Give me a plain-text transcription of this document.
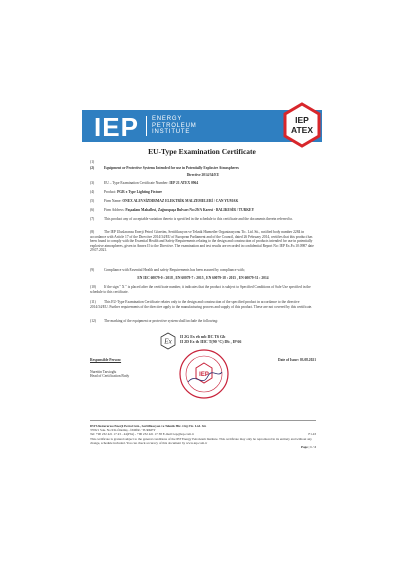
IEP ENERGY
PETROLEUM
INSTITUTE
IEP
ATEX
EU-Type Examination Certificate
(1)
(2)	Equipment or Protective Systems Intended for use in Potentially Explosive Atmospheres
Directive 2014/34/EU
(3)	EU – Type Examination Certificate Number: IEP 21 ATEX 0964
(4)	Product: PGR x Type Lighting Fixture
(5)	Firm Name: ONEX ALEVSİZDIRMAZ ELEKTRİK MALZEMELERİ / CAN YUMAK
(6)	Firm Address: Paşaalanı Mahallesi, Zağnospaşa Bulvarı No:29/A Karesi - BALIKESİR / TURKEY
(7)	This product any of acceptable variation thereto is specified in the schedule to this certificate and the documents therein referred to.
(8)	The IEP Uluslararası Enerji Petrol Gözetim, Sertifikasyon ve Teknik Hizmetler Organizasyonu Tic. Ltd. Sti., notified body number 2284 in accordance with Article 17 of the Directive 2014/34/EU of European Parliament and of the Council, dated 26 February 2014, certifies that this product has been found to comply with the Essential Health and Safety Requirements relating to the design and construction of products intended for use in potentially explosive atmospheres, given in Annex II to the Directive. The examination and test results are recorded in confidential Report No: IEP Ex.Fo.10.0987 date 29.07.2021.
(9)	Compliance with Essential Health and safety Requirements has been assured by compliance with;
EN IEC 60079-0 : 2018 , EN 60079-7 : 2015 , EN 60079-18 : 2015 , EN 60079-31 : 2014
(10) If the sign " X " is placed after the certificate number, it indicates that the product is subject to Specified Conditions of Safe Use specified in the schedule to this certificate.
(11) This EU-Type Examination Certificate relates only to the design and construction of the specified product in accordance to the directive 2014/34/EU. Further requirements of the directive apply to the manufacturing process and supply of this product. These are not covered by this certificate.
(12) The marking of the equipment or protective system shall include the following:
Ex
II 2G Ex eb mb IIC T6 Gb
II 2D Ex tb IIIC T(90 °C) Db , IP 66
Responsible Person:
Nurettin Tarsioglu
Head of Certification Body
Date of Issue: 03.08.2021
IEP
IEP Uluslararası Enerji Petrol Göz., Sertifikasyon ve Teknik Hiz. Org.Tic. Ltd. Sti.
3706/1 Sok. No:9 K.Ödemiş - İZMİR / TURKEY
Tel: +90 232 421 17 43 - 44(Pbx) - +90 232 421 17 38 E-mail: iep@iep.com.tr	F1.43
This certificate is granted subject to the general conditions of the IEP Energy Petroleum Institute. This certificate may only be reproduced in its entirety and without any change, schedule included. You can check accuracy of this document by www.iep.com.tr
Page | 1 / 2
